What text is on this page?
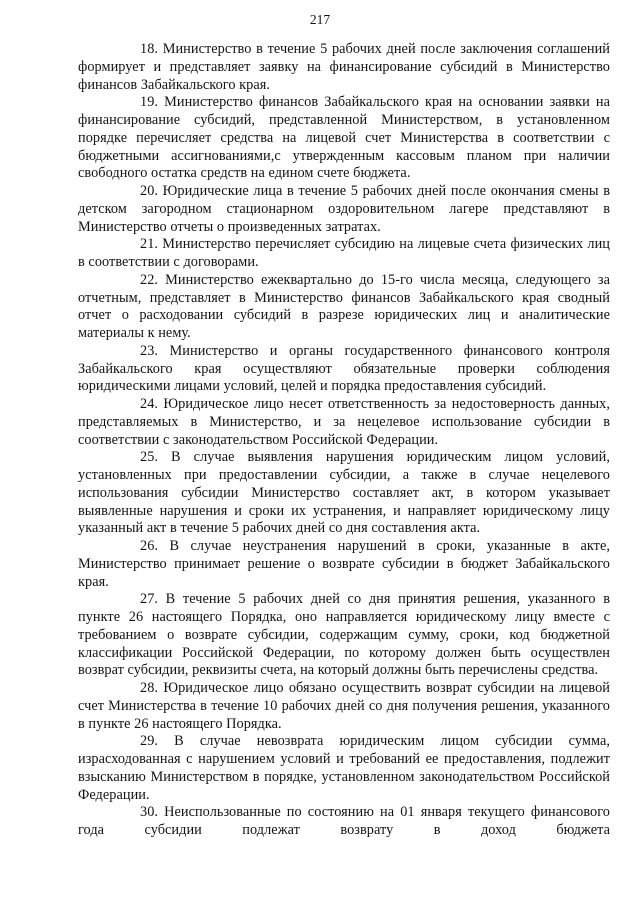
217

18. Министерство в течение 5 рабочих дней после заключения соглашений формирует и представляет заявку на финансирование субсидий в Министерство финансов Забайкальского края.

19. Министерство финансов Забайкальского края на основании заявки на финансирование субсидий, представленной Министерством, в установленном порядке перечисляет средства на лицевой счет Министерства в соответствии с бюджетными ассигнованиями,с утвержденным кассовым планом при наличии свободного остатка средств на едином счете бюджета.

20. Юридические лица в течение 5 рабочих дней после окончания смены в детском загородном стационарном оздоровительном лагере представляют в Министерство отчеты о произведенных затратах.

21. Министерство перечисляет субсидию на лицевые счета физических лиц в соответствии с договорами.

22. Министерство ежеквартально до 15-го числа месяца, следующего за отчетным, представляет в Министерство финансов Забайкальского края сводный отчет о расходовании субсидий в разрезе юридических лиц и аналитические материалы к нему.

23. Министерство и органы государственного финансового контроля Забайкальского края осуществляют обязательные проверки соблюдения юридическими лицами условий, целей и порядка предоставления субсидий.

24. Юридическое лицо несет ответственность за недостоверность данных, представляемых в Министерство, и за нецелевое использование субсидии в соответствии с законодательством Российской Федерации.

25. В случае выявления нарушения юридическим лицом условий, установленных при предоставлении субсидии, а также в случае нецелевого использования субсидии Министерство составляет акт, в котором указывает выявленные нарушения и сроки их устранения, и направляет юридическому лицу указанный акт в течение 5 рабочих дней со дня составления акта.

26. В случае неустранения нарушений в сроки, указанные в акте, Министерство принимает решение о возврате субсидии в бюджет Забайкальского края.

27. В течение 5 рабочих дней со дня принятия решения, указанного в пункте 26 настоящего Порядка, оно направляется юридическому лицу вместе с требованием о возврате субсидии, содержащим сумму, сроки, код бюджетной классификации Российской Федерации, по которому должен быть осуществлен возврат субсидии, реквизиты счета, на который должны быть перечислены средства.

28. Юридическое лицо обязано осуществить возврат субсидии на лицевой счет Министерства в течение 10 рабочих дней со дня получения решения, указанного в пункте 26 настоящего Порядка.

29. В случае невозврата юридическим лицом субсидии сумма, израсходованная с нарушением условий и требований ее предоставления, подлежит взысканию Министерством в порядке, установленном законодательством Российской Федерации.

30. Неиспользованные по состоянию на 01 января текущего финансового года субсидии подлежат возврату в доход бюджета
